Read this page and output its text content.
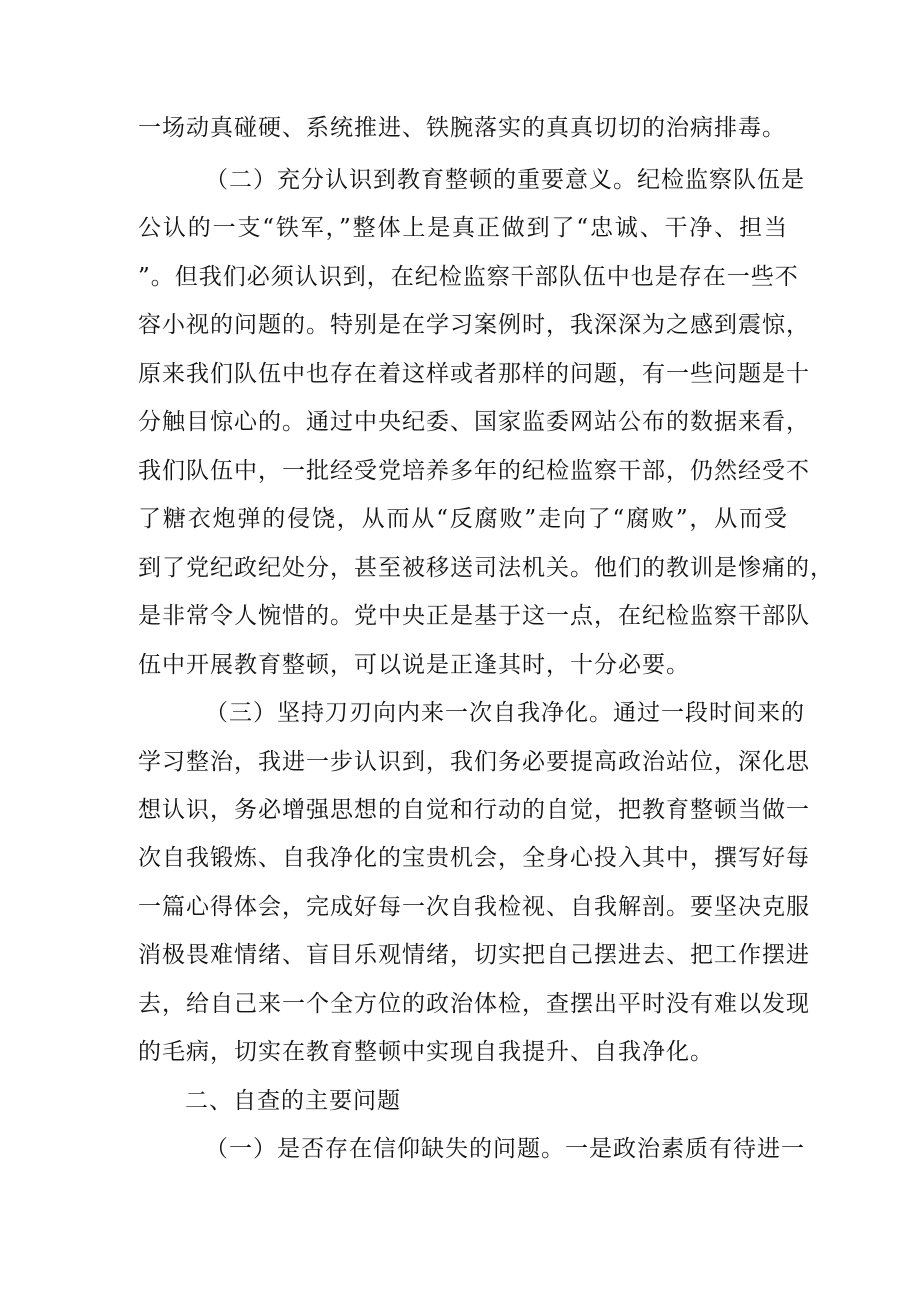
一场动真碰硬、系统推进、铁腕落实的真真切切的治病排毒。
（二）充分认识到教育整顿的重要意义。纪检监察队伍是
公认的一支“铁军，”整体上是真正做到了“忠诚、干净、担当
”。但我们必须认识到，在纪检监察干部队伍中也是存在一些不
容小视的问题的。特别是在学习案例时，我深深为之感到震惊，
原来我们队伍中也存在着这样或者那样的问题，有一些问题是十
分触目惊心的。通过中央纪委、国家监委网站公布的数据来看，
我们队伍中，一批经受党培养多年的纪检监察干部，仍然经受不
了糖衣炮弹的侵饶，从而从“反腐败”走向了“腐败”，从而受
到了党纪政纪处分，甚至被移送司法机关。他们的教训是惨痛的，
是非常令人惋惜的。党中央正是基于这一点，在纪检监察干部队
伍中开展教育整顿，可以说是正逢其时，十分必要。
（三）坚持刀刃向内来一次自我净化。通过一段时间来的
学习整治，我进一步认识到，我们务必要提高政治站位，深化思
想认识，务必增强思想的自觉和行动的自觉，把教育整顿当做一
次自我锻炼、自我净化的宝贵机会，全身心投入其中，撰写好每
一篇心得体会，完成好每一次自我检视、自我解剖。要坚决克服
消极畏难情绪、盲目乐观情绪，切实把自己摆进去、把工作摆进
去，给自己来一个全方位的政治体检，查摆出平时没有难以发现
的毛病，切实在教育整顿中实现自我提升、自我净化。
二、自查的主要问题
（一）是否存在信仰缺失的问题。一是政治素质有待进一
